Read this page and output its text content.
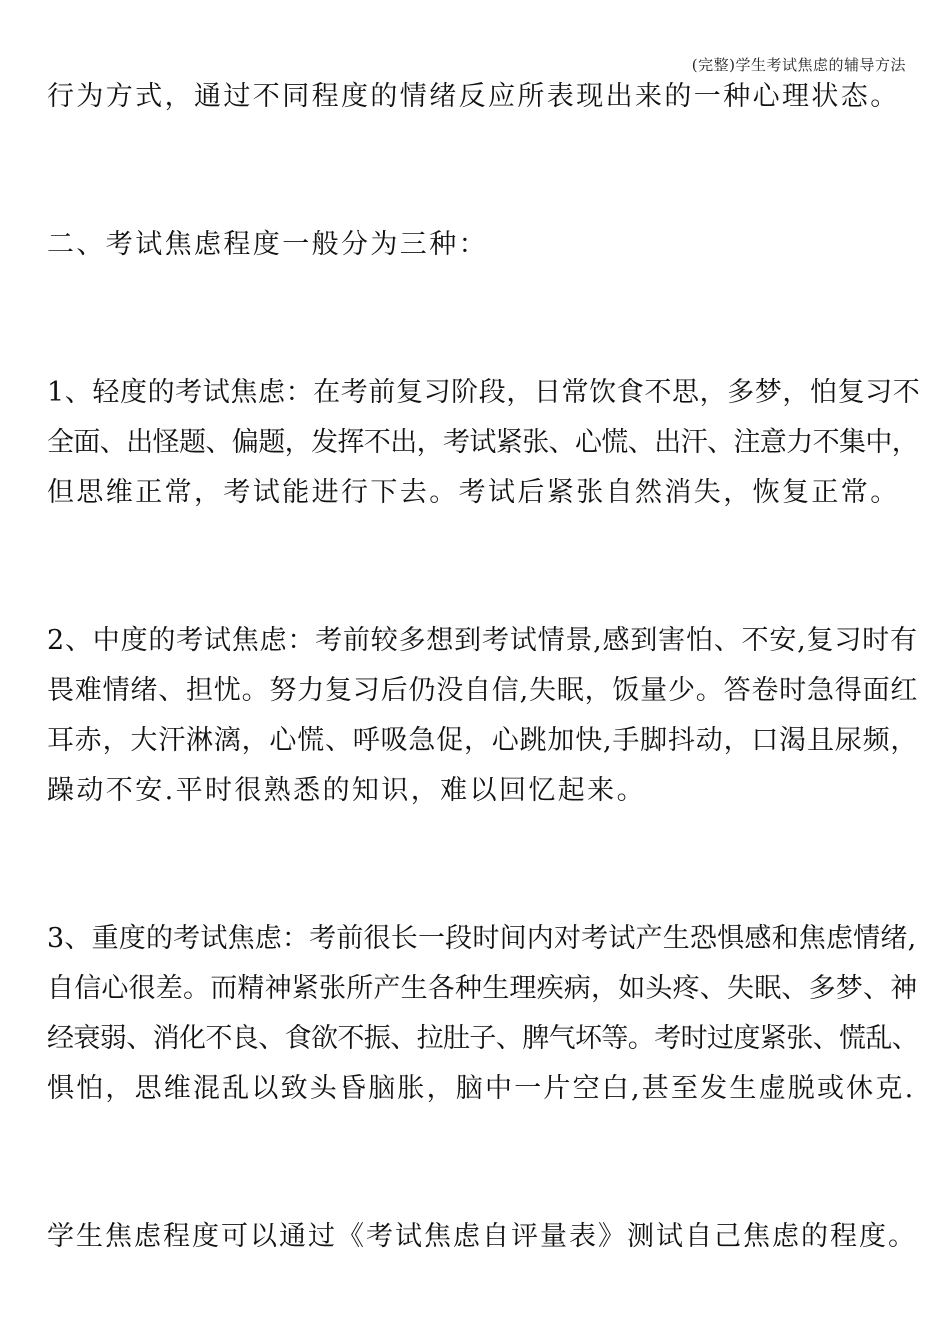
(完整)学生考试焦虑的辅导方法
行为方式，通过不同程度的情绪反应所表现出来的一种心理状态。
二、考试焦虑程度一般分为三种：
1、轻度的考试焦虑：在考前复习阶段，日常饮食不思，多梦，怕复习不
全面、出怪题、偏题，发挥不出，考试紧张、心慌、出汗、注意力不集中，
但思维正常，考试能进行下去。考试后紧张自然消失，恢复正常。
2、中度的考试焦虑：考前较多想到考试情景,感到害怕、不安,复习时有
畏难情绪、担忧。努力复习后仍没自信,失眠，饭量少。答卷时急得面红
耳赤，大汗淋漓，心慌、呼吸急促，心跳加快,手脚抖动，口渴且尿频，
躁动不安.平时很熟悉的知识，难以回忆起来。
3、重度的考试焦虑：考前很长一段时间内对考试产生恐惧感和焦虑情绪,
自信心很差。而精神紧张所产生各种生理疾病，如头疼、失眠、多梦、神
经衰弱、消化不良、食欲不振、拉肚子、脾气坏等。考时过度紧张、慌乱、
惧怕，思维混乱以致头昏脑胀，脑中一片空白,甚至发生虚脱或休克.
学生焦虑程度可以通过《考试焦虑自评量表》测试自己焦虑的程度。
